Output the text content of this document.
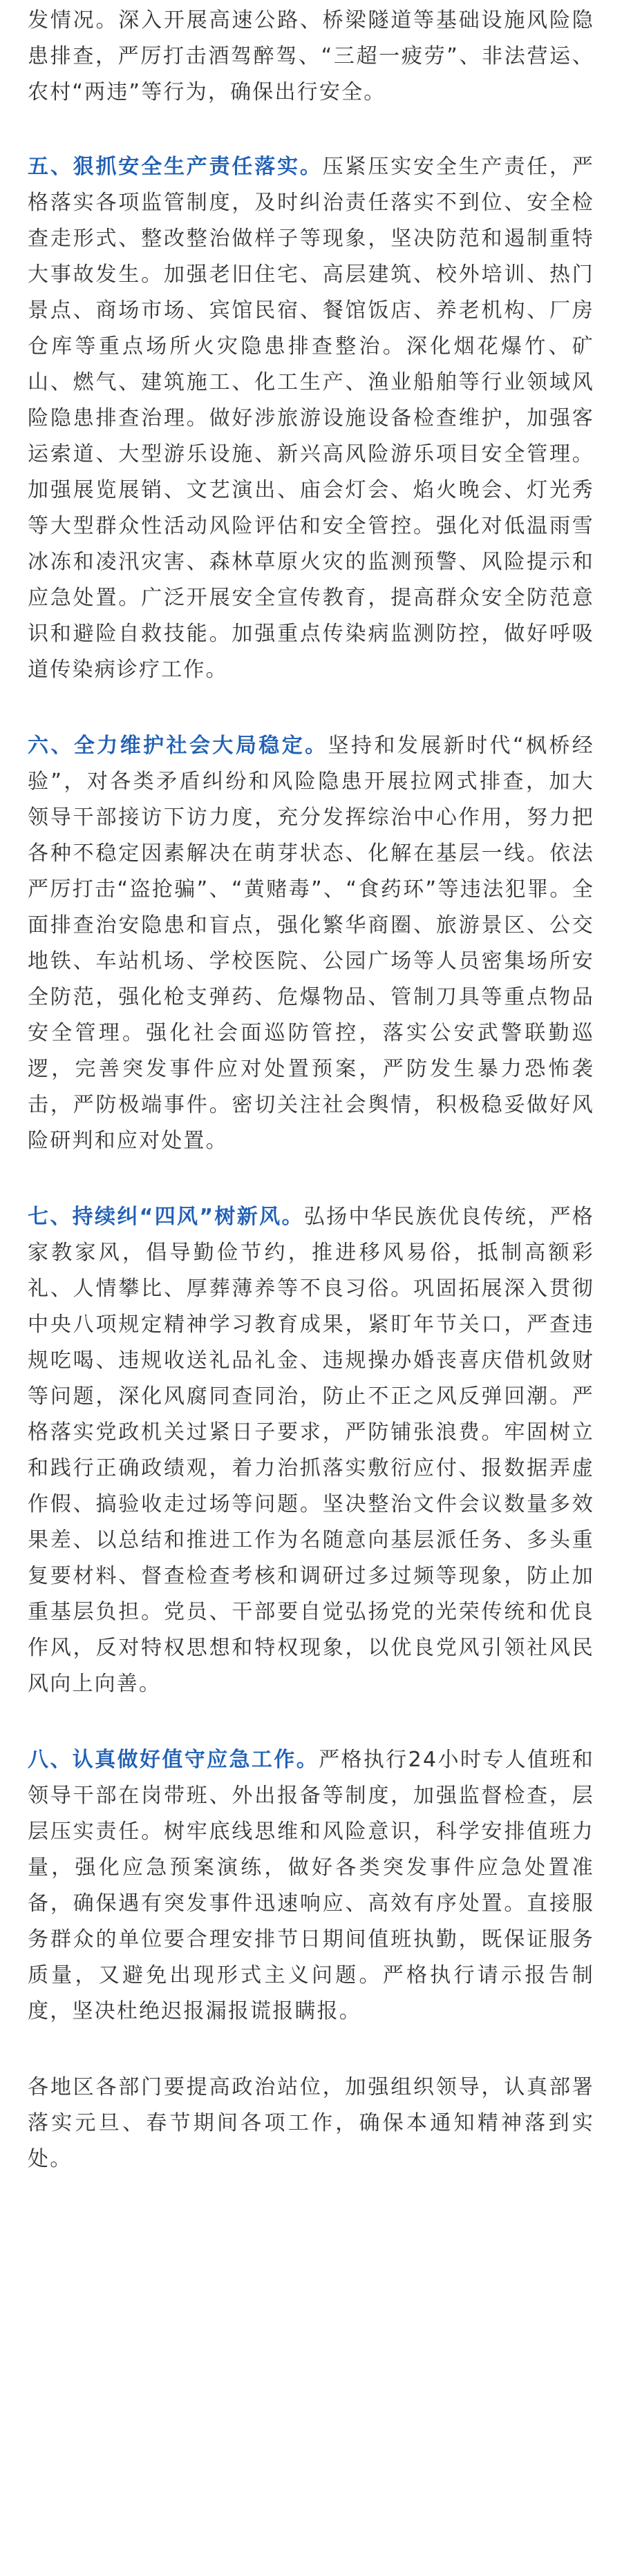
发情况。深入开展高速公路、桥梁隧道等基础设施风险隐患排查，严厉打击酒驾醉驾、“三超一疲劳”、非法营运、农村“两违”等行为，确保出行安全。

五、狠抓安全生产责任落实。压紧压实安全生产责任，严格落实各项监管制度，及时纠治责任落实不到位、安全检查走形式、整改整治做样子等现象，坚决防范和遏制重特大事故发生。加强老旧住宅、高层建筑、校外培训、热门景点、商场市场、宾馆民宿、餐馆饭店、养老机构、厂房仓库等重点场所火灾隐患排查整治。深化烟花爆竹、矿山、燃气、建筑施工、化工生产、渔业船舶等行业领域风险隐患排查治理。做好涉旅游设施设备检查维护，加强客运索道、大型游乐设施、新兴高风险游乐项目安全管理。加强展览展销、文艺演出、庙会灯会、焰火晚会、灯光秀等大型群众性活动风险评估和安全管控。强化对低温雨雪冰冻和凌汛灾害、森林草原火灾的监测预警、风险提示和应急处置。广泛开展安全宣传教育，提高群众安全防范意识和避险自救技能。加强重点传染病监测防控，做好呼吸道传染病诊疗工作。

六、全力维护社会大局稳定。坚持和发展新时代“枫桥经验”，对各类矛盾纠纷和风险隐患开展拉网式排查，加大领导干部接访下访力度，充分发挥综治中心作用，努力把各种不稳定因素解决在萌芽状态、化解在基层一线。依法严厉打击“盗抢骗”、“黄赌毒”、“食药环”等违法犯罪。全面排查治安隐患和盲点，强化繁华商圈、旅游景区、公交地铁、车站机场、学校医院、公园广场等人员密集场所安全防范，强化枪支弹药、危爆物品、管制刀具等重点物品安全管理。强化社会面巡防管控，落实公安武警联勤巡逻，完善突发事件应对处置预案，严防发生暴力恐怖袭击，严防极端事件。密切关注社会舆情，积极稳妥做好风险研判和应对处置。

七、持续纠“四风”树新风。弘扬中华民族优良传统，严格家教家风，倡导勤俭节约，推进移风易俗，抵制高额彩礼、人情攀比、厚葬薄养等不良习俗。巩固拓展深入贯彻中央八项规定精神学习教育成果，紧盯年节关口，严查违规吃喝、违规收送礼品礼金、违规操办婚丧喜庆借机敛财等问题，深化风腐同查同治，防止不正之风反弹回潮。严格落实党政机关过紧日子要求，严防铺张浪费。牢固树立和践行正确政绩观，着力治抓落实敷衍应付、报数据弄虚作假、搞验收走过场等问题。坚决整治文件会议数量多效果差、以总结和推进工作为名随意向基层派任务、多头重复要材料、督查检查考核和调研过多过频等现象，防止加重基层负担。党员、干部要自觉弘扬党的光荣传统和优良作风，反对特权思想和特权现象，以优良党风引领社风民风向上向善。

八、认真做好值守应急工作。严格执行24小时专人值班和领导干部在岗带班、外出报备等制度，加强监督检查，层层压实责任。树牢底线思维和风险意识，科学安排值班力量，强化应急预案演练，做好各类突发事件应急处置准备，确保遇有突发事件迅速响应、高效有序处置。直接服务群众的单位要合理安排节日期间值班执勤，既保证服务质量，又避免出现形式主义问题。严格执行请示报告制度，坚决杜绝迟报漏报谎报瞒报。

各地区各部门要提高政治站位，加强组织领导，认真部署落实元旦、春节期间各项工作，确保本通知精神落到实处。
